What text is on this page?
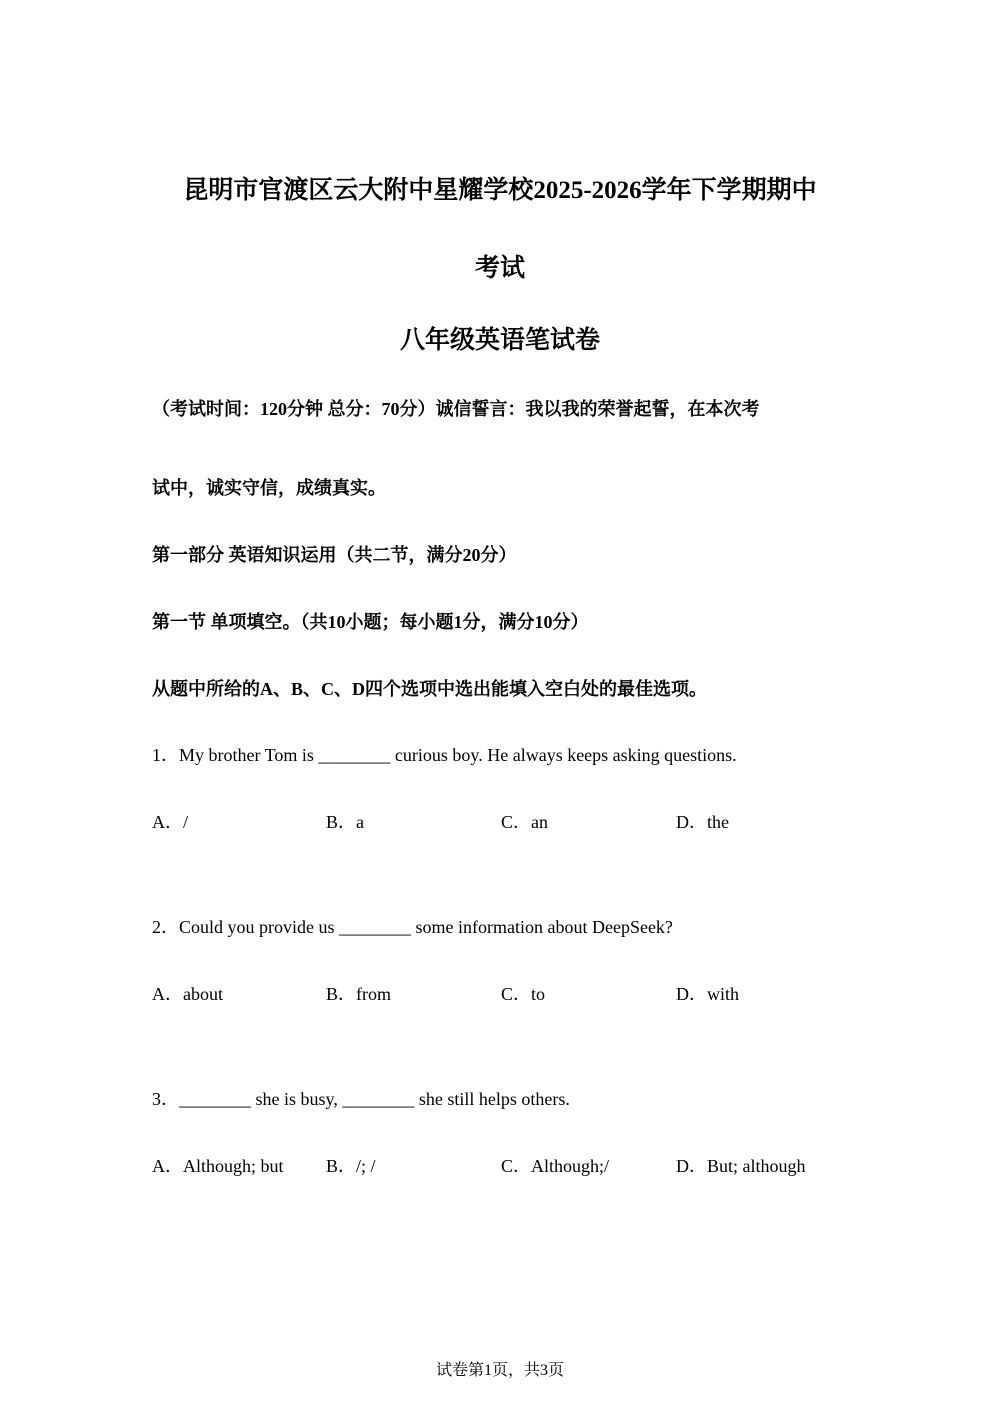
昆明市官渡区云大附中星耀学校2025-2026学年下学期期中
考试
八年级英语笔试卷
（考试时间：120分钟 总分：70分）诚信誓言：我以我的荣誉起誓，在本次考
试中，诚实守信，成绩真实。
第一部分 英语知识运用（共二节，满分20分）
第一节 单项填空。（共10小题；每小题1分，满分10分）
从题中所给的A、B、C、D四个选项中选出能填入空白处的最佳选项。
1．My brother Tom is ________ curious boy. He always keeps asking questions.
A．/	B．a	C．an	D．the
2．Could you provide us ________ some information about DeepSeek?
A．about	B．from	C．to	D．with
3．________ she is busy, ________ she still helps others.
A．Although; but B．/; /	C．Although;/	D．But; although
试卷第1页，共3页
